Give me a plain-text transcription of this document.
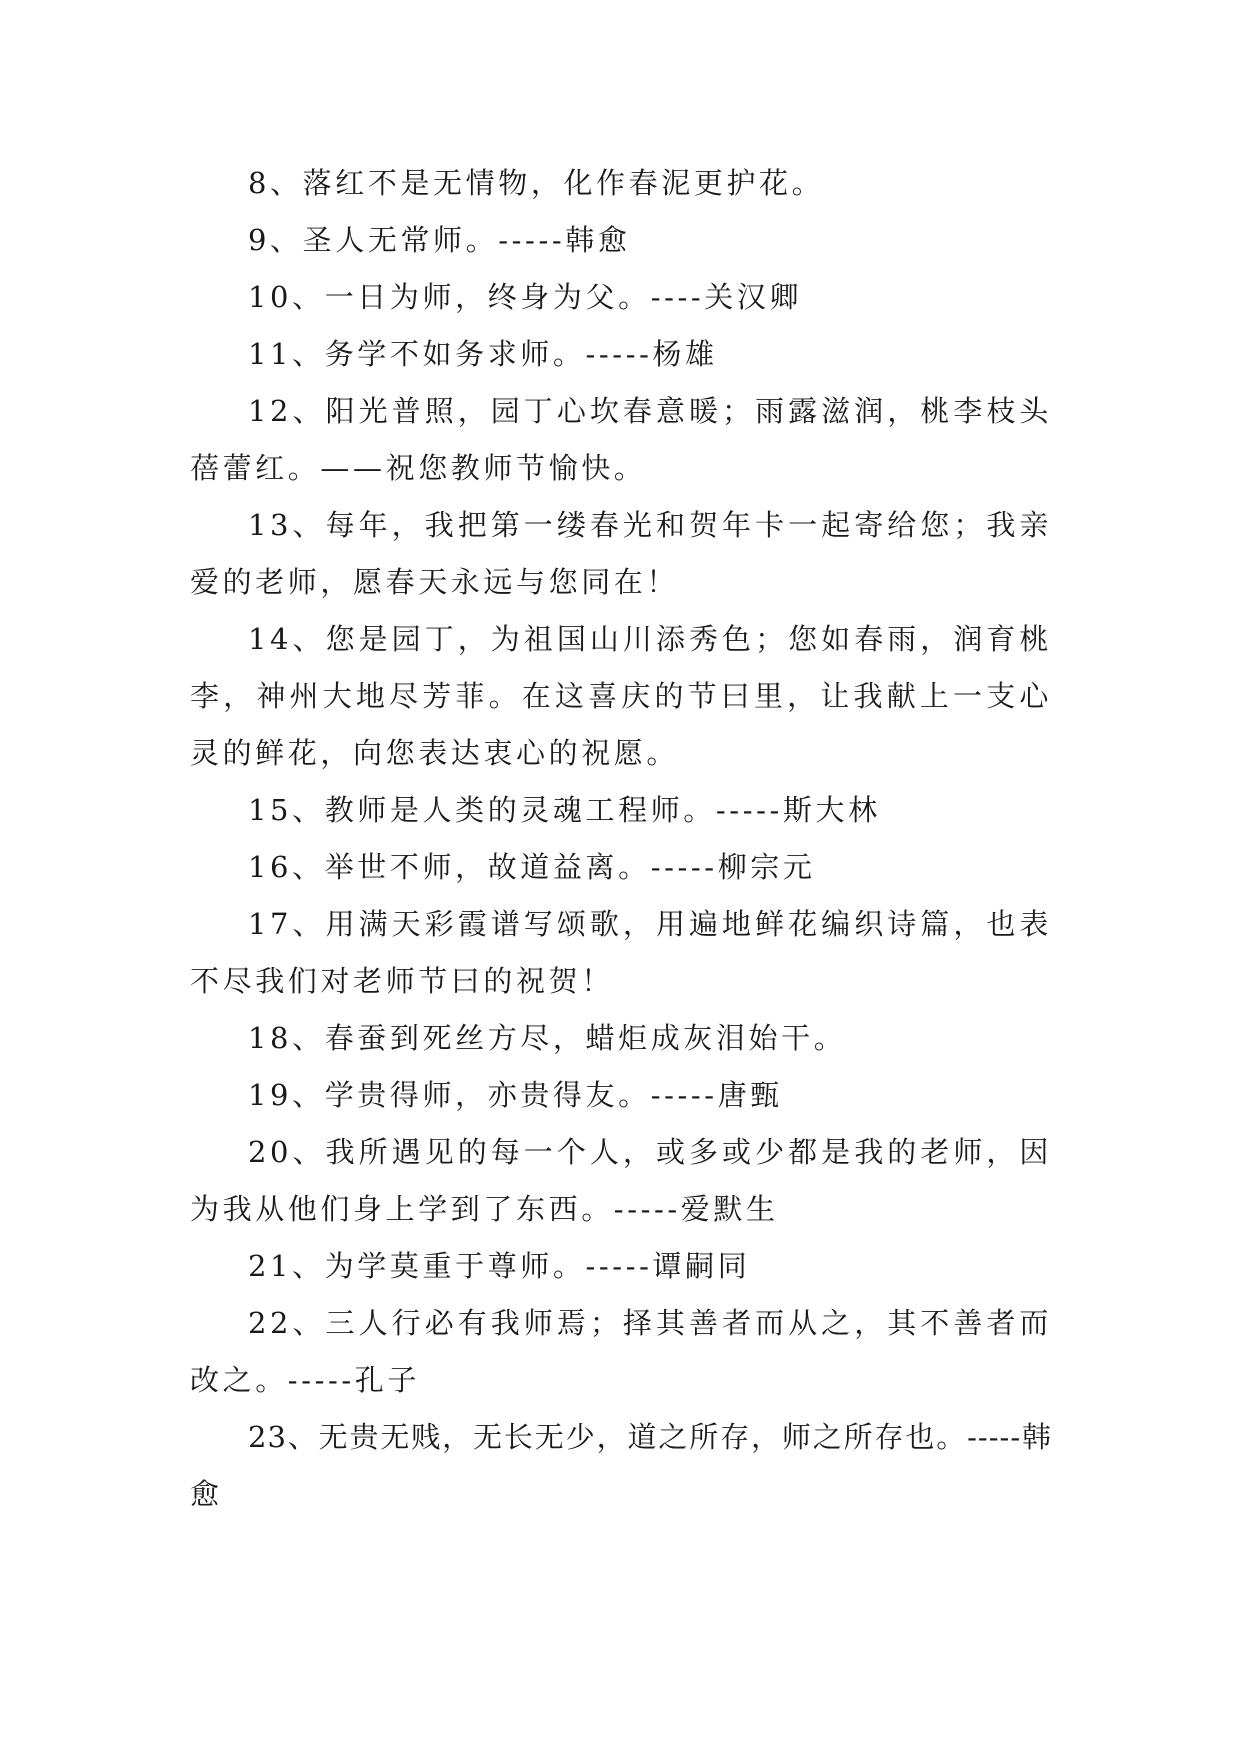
8、落红不是无情物，化作春泥更护花。

9、圣人无常师。-----韩愈

10、一日为师，终身为父。----关汉卿

11、务学不如务求师。-----杨雄

12、阳光普照，园丁心坎春意暖；雨露滋润，桃李枝头蓓蕾红。——祝您教师节愉快。

13、每年，我把第一缕春光和贺年卡一起寄给您；我亲爱的老师，愿春天永远与您同在！

14、您是园丁，为祖国山川添秀色；您如春雨，润育桃李，神州大地尽芳菲。在这喜庆的节曰里，让我献上一支心灵的鲜花，向您表达衷心的祝愿。

15、教师是人类的灵魂工程师。-----斯大林

16、举世不师，故道益离。-----柳宗元

17、用满天彩霞谱写颂歌，用遍地鲜花编织诗篇，也表不尽我们对老师节曰的祝贺！

18、春蚕到死丝方尽，蜡炬成灰泪始干。

19、学贵得师，亦贵得友。-----唐甄

20、我所遇见的每一个人，或多或少都是我的老师，因为我从他们身上学到了东西。-----爱默生

21、为学莫重于尊师。-----谭嗣同

22、三人行必有我师焉；择其善者而从之，其不善者而改之。-----孔子

23、无贵无贱，无长无少，道之所存，师之所存也。-----韩愈
